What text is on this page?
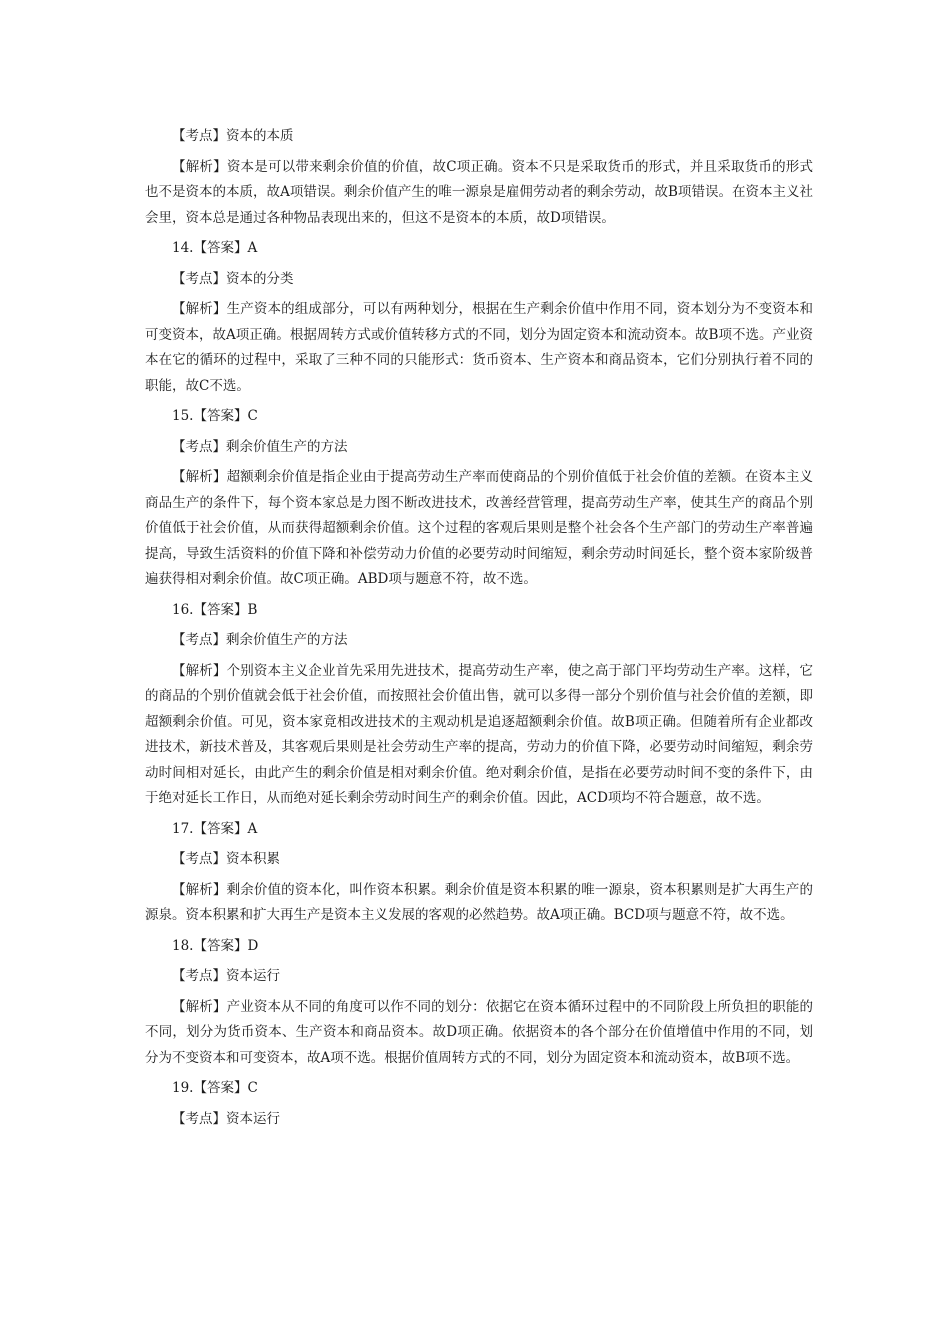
【考点】资本的本质
【解析】资本是可以带来剩余价值的价值，故C项正确。资本不只是采取货币的形式，并且采取货币的形式也不是资本的本质，故A项错误。剩余价值产生的唯一源泉是雇佣劳动者的剩余劳动，故B项错误。在资本主义社会里，资本总是通过各种物品表现出来的，但这不是资本的本质，故D项错误。
14.【答案】A
【考点】资本的分类
【解析】生产资本的组成部分，可以有两种划分，根据在生产剩余价值中作用不同，资本划分为不变资本和可变资本，故A项正确。根据周转方式或价值转移方式的不同，划分为固定资本和流动资本。故B项不选。产业资本在它的循环的过程中，采取了三种不同的只能形式：货币资本、生产资本和商品资本，它们分别执行着不同的职能，故C不选。
15.【答案】C
【考点】剩余价值生产的方法
【解析】超额剩余价值是指企业由于提高劳动生产率而使商品的个别价值低于社会价值的差额。在资本主义商品生产的条件下，每个资本家总是力图不断改进技术，改善经营管理，提高劳动生产率，使其生产的商品个别价值低于社会价值，从而获得超额剩余价值。这个过程的客观后果则是整个社会各个生产部门的劳动生产率普遍提高，导致生活资料的价值下降和补偿劳动力价值的必要劳动时间缩短，剩余劳动时间延长，整个资本家阶级普遍获得相对剩余价值。故C项正确。ABD项与题意不符，故不选。
16.【答案】B
【考点】剩余价值生产的方法
【解析】个别资本主义企业首先采用先进技术，提高劳动生产率，使之高于部门平均劳动生产率。这样，它的商品的个别价值就会低于社会价值，而按照社会价值出售，就可以多得一部分个别价值与社会价值的差额，即超额剩余价值。可见，资本家竟相改进技术的主观动机是追逐超额剩余价值。故B项正确。但随着所有企业都改进技术，新技术普及，其客观后果则是社会劳动生产率的提高，劳动力的价值下降，必要劳动时间缩短，剩余劳动时间相对延长，由此产生的剩余价值是相对剩余价值。绝对剩余价值，是指在必要劳动时间不变的条件下，由于绝对延长工作日，从而绝对延长剩余劳动时间生产的剩余价值。因此，ACD项均不符合题意，故不选。
17.【答案】A
【考点】资本积累
【解析】剩余价值的资本化，叫作资本积累。剩余价值是资本积累的唯一源泉，资本积累则是扩大再生产的源泉。资本积累和扩大再生产是资本主义发展的客观的必然趋势。故A项正确。BCD项与题意不符，故不选。
18.【答案】D
【考点】资本运行
【解析】产业资本从不同的角度可以作不同的划分：依据它在资本循环过程中的不同阶段上所负担的职能的不同，划分为货币资本、生产资本和商品资本。故D项正确。依据资本的各个部分在价值增值中作用的不同，划分为不变资本和可变资本，故A项不选。根据价值周转方式的不同，划分为固定资本和流动资本，故B项不选。
19.【答案】C
【考点】资本运行
